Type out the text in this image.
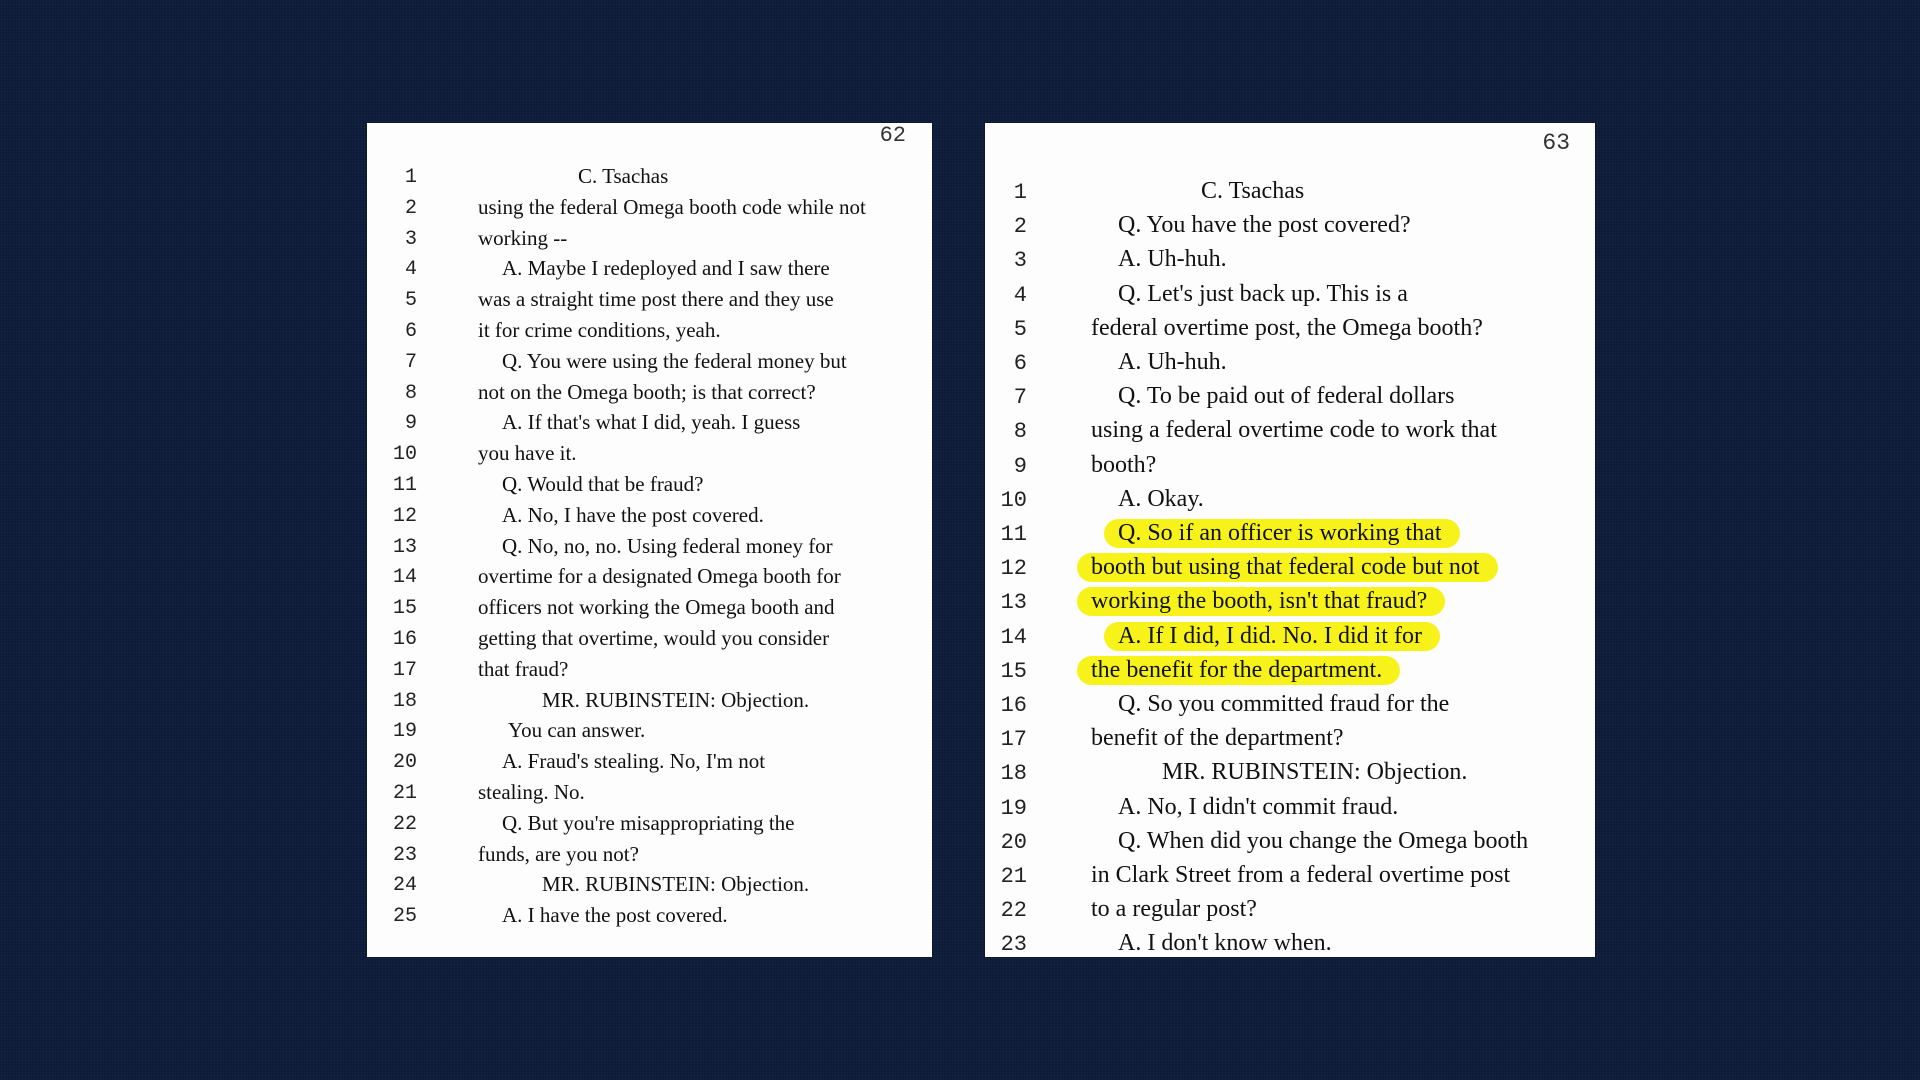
62
1	C. Tsachas
2	using the federal Omega booth code while not
3	working --
4	A. Maybe I redeployed and I saw there
5	was a straight time post there and they use
6	it for crime conditions, yeah.
7	Q. You were using the federal money but
8	not on the Omega booth; is that correct?
9	A. If that's what I did, yeah. I guess
10	you have it.
11	Q. Would that be fraud?
12	A. No, I have the post covered.
13	Q. No, no, no. Using federal money for
14	overtime for a designated Omega booth for
15	officers not working the Omega booth and
16	getting that overtime, would you consider
17	that fraud?
18	MR. RUBINSTEIN: Objection.
19	You can answer.
20	A. Fraud's stealing. No, I'm not
21	stealing. No.
22	Q. But you're misappropriating the
23	funds, are you not?
24	MR. RUBINSTEIN: Objection.
25	A. I have the post covered.
63
1	C. Tsachas
2	Q. You have the post covered?
3	A. Uh-huh.
4	Q. Let's just back up. This is a
5	federal overtime post, the Omega booth?
6	A. Uh-huh.
7	Q. To be paid out of federal dollars
8	using a federal overtime code to work that
9	booth?
10	A. Okay.
11	Q. So if an officer is working that
12	booth but using that federal code but not
13	working the booth, isn't that fraud?
14	A. If I did, I did. No. I did it for
15	the benefit for the department.
16	Q. So you committed fraud for the
17	benefit of the department?
18	MR. RUBINSTEIN: Objection.
19	A. No, I didn't commit fraud.
20	Q. When did you change the Omega booth
21	in Clark Street from a federal overtime post
22	to a regular post?
23	A. I don't know when.
